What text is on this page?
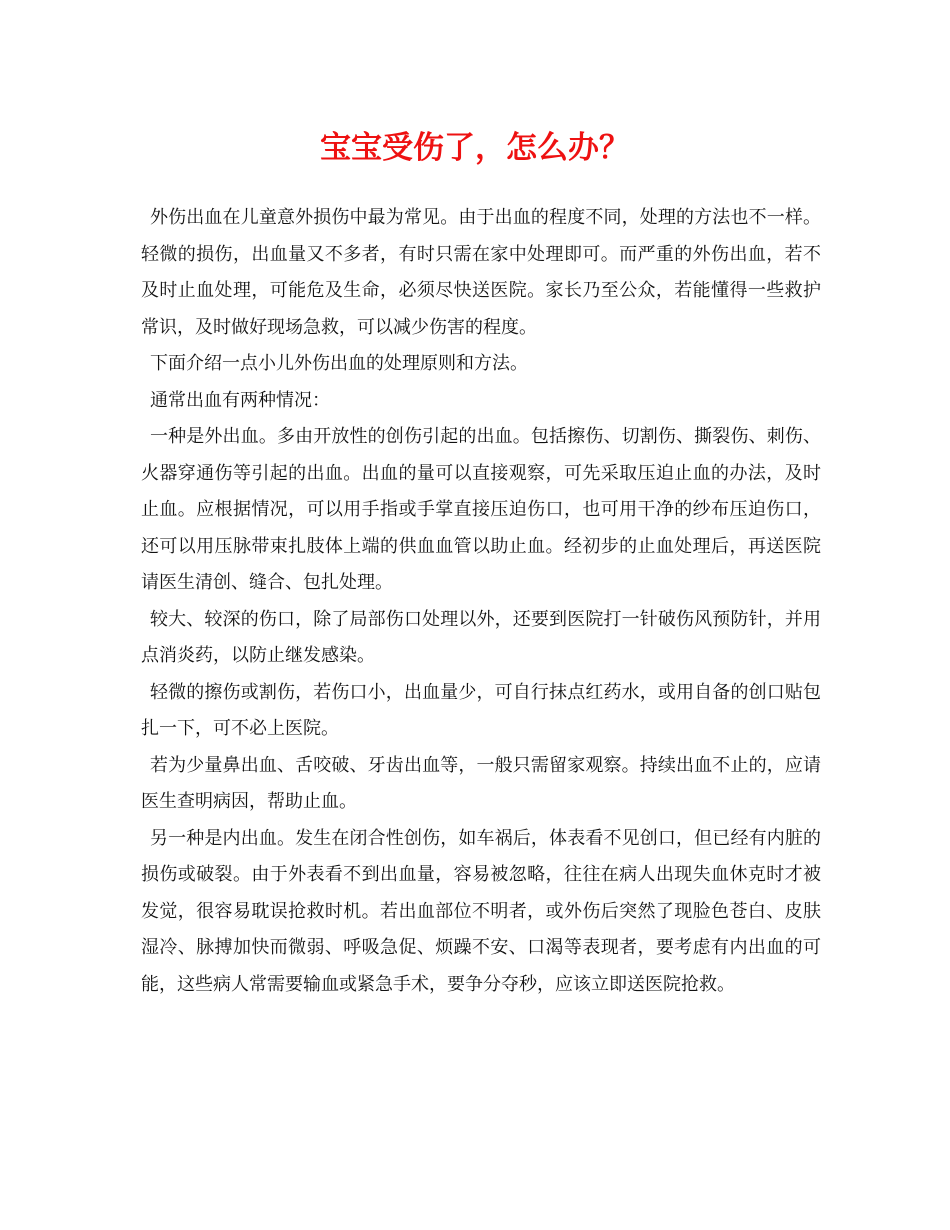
宝宝受伤了，怎么办？

外伤出血在儿童意外损伤中最为常见。由于出血的程度不同，处理的方法也不一样。轻微的损伤，出血量又不多者，有时只需在家中处理即可。而严重的外伤出血，若不及时止血处理，可能危及生命，必须尽快送医院。家长乃至公众，若能懂得一些救护常识，及时做好现场急救，可以减少伤害的程度。

下面介绍一点小儿外伤出血的处理原则和方法。

通常出血有两种情况：

一种是外出血。多由开放性的创伤引起的出血。包括擦伤、切割伤、撕裂伤、刺伤、火器穿通伤等引起的出血。出血的量可以直接观察，可先采取压迫止血的办法，及时止血。应根据情况，可以用手指或手掌直接压迫伤口，也可用干净的纱布压迫伤口，还可以用压脉带束扎肢体上端的供血血管以助止血。经初步的止血处理后，再送医院请医生清创、缝合、包扎处理。

较大、较深的伤口，除了局部伤口处理以外，还要到医院打一针破伤风预防针，并用点消炎药，以防止继发感染。

轻微的擦伤或割伤，若伤口小，出血量少，可自行抹点红药水，或用自备的创口贴包扎一下，可不必上医院。

若为少量鼻出血、舌咬破、牙齿出血等，一般只需留家观察。持续出血不止的，应请医生查明病因，帮助止血。

另一种是内出血。发生在闭合性创伤，如车祸后，体表看不见创口，但已经有内脏的损伤或破裂。由于外表看不到出血量，容易被忽略，往往在病人出现失血休克时才被发觉，很容易耽误抢救时机。若出血部位不明者，或外伤后突然了现脸色苍白、皮肤湿冷、脉搏加快而微弱、呼吸急促、烦躁不安、口渴等表现者，要考虑有内出血的可能，这些病人常需要输血或紧急手术，要争分夺秒，应该立即送医院抢救。
